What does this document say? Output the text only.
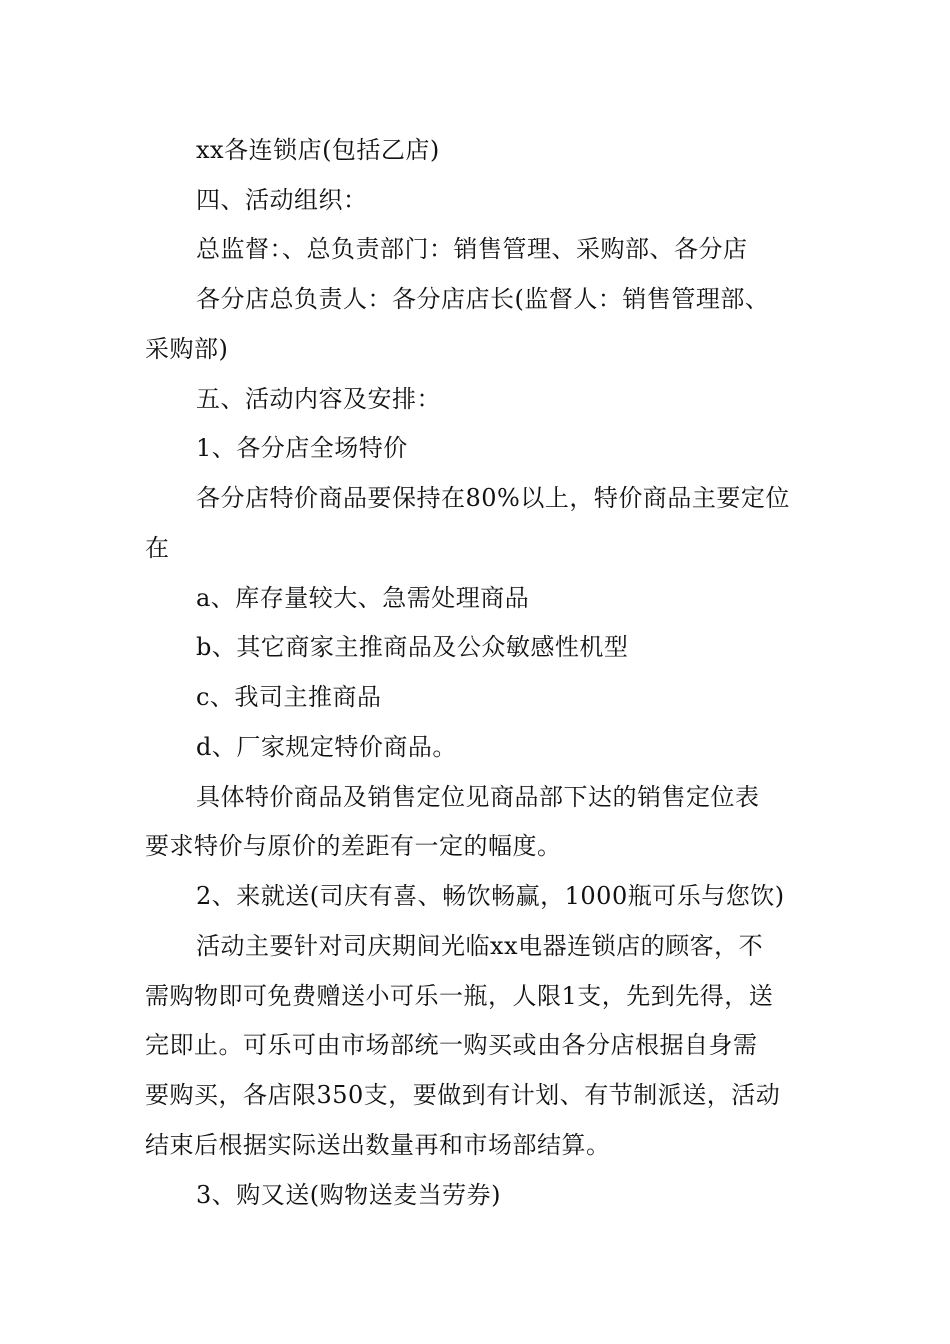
xx各连锁店(包括乙店)
四、活动组织：
总监督：、总负责部门：销售管理、采购部、各分店
各分店总负责人：各分店店长(监督人：销售管理部、
采购部)
五、活动内容及安排：
1、各分店全场特价
各分店特价商品要保持在80%以上，特价商品主要定位
在
a、库存量较大、急需处理商品
b、其它商家主推商品及公众敏感性机型
c、我司主推商品
d、厂家规定特价商品。
具体特价商品及销售定位见商品部下达的销售定位表
要求特价与原价的差距有一定的幅度。
2、来就送(司庆有喜、畅饮畅赢，1000瓶可乐与您饮)
活动主要针对司庆期间光临xx电器连锁店的顾客，不
需购物即可免费赠送小可乐一瓶，人限1支，先到先得，送
完即止。可乐可由市场部统一购买或由各分店根据自身需
要购买，各店限350支，要做到有计划、有节制派送，活动
结束后根据实际送出数量再和市场部结算。
3、购又送(购物送麦当劳券)
